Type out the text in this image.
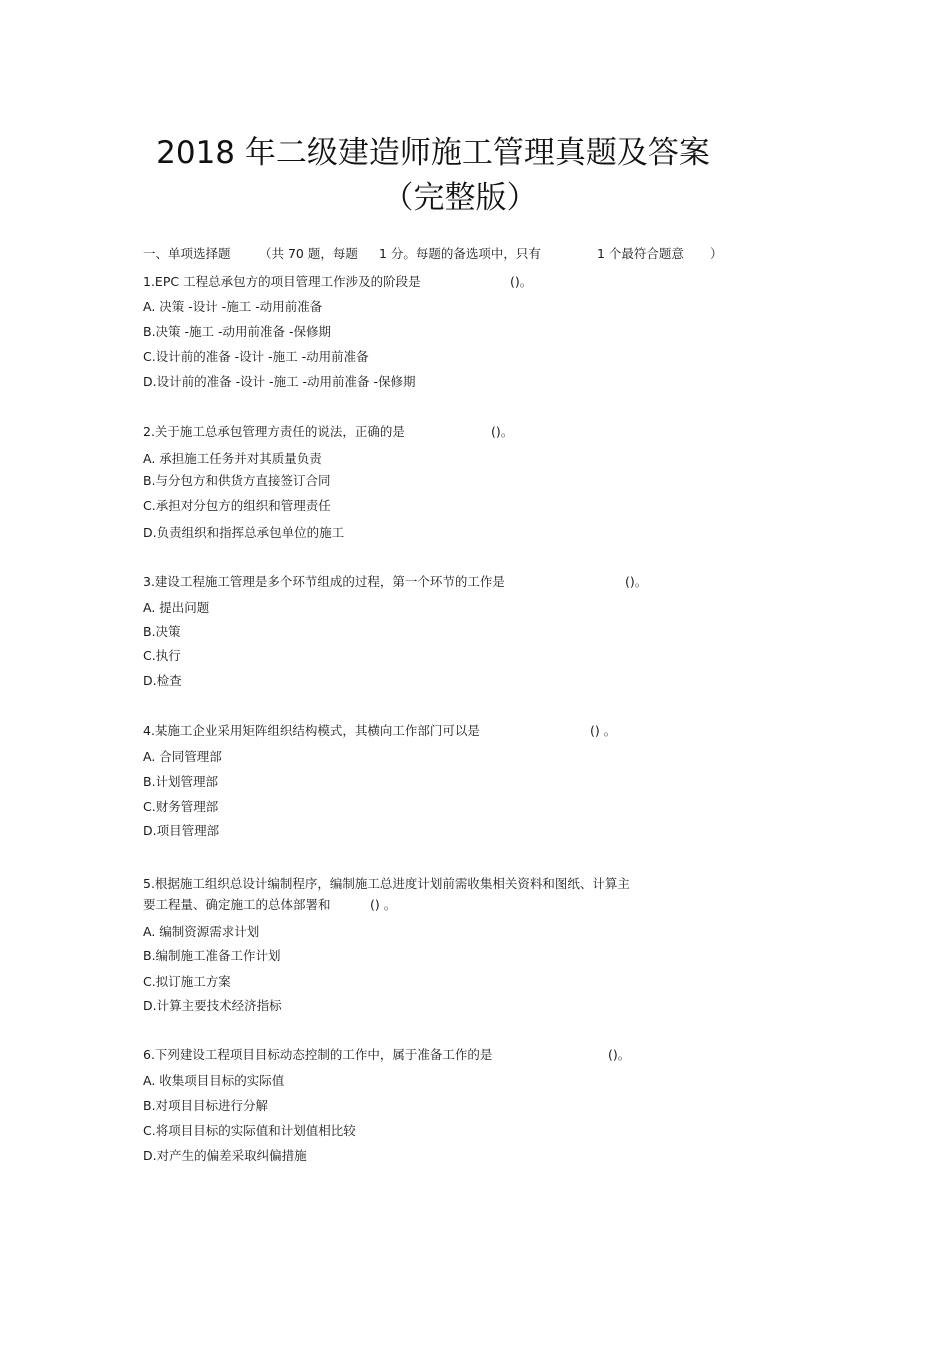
2018 年二级建造师施工管理真题及答案
（完整版）
一、单项选择题 （共 70 题，每题 1 分。每题的备选项中，只有	1 个最符合题意 ）
1.EPC 工程总承包方的项目管理工作涉及的阶段是	()。
A. 决策 -设计 -施工 -动用前准备
B.决策 -施工 -动用前准备 -保修期
C.设计前的准备 -设计 -施工 -动用前准备
D.设计前的准备 -设计 -施工 -动用前准备 -保修期
2.关于施工总承包管理方责任的说法，正确的是	()。
A. 承担施工任务并对其质量负责
B.与分包方和供货方直接签订合同
C.承担对分包方的组织和管理责任
D.负责组织和指挥总承包单位的施工
3.建设工程施工管理是多个环节组成的过程，第一个环节的工作是	()。
A. 提出问题
B.决策
C.执行
D.检查
4.某施工企业采用矩阵组织结构模式，其横向工作部门可以是	() 。
A. 合同管理部
B.计划管理部
C.财务管理部
D.项目管理部
5.根据施工组织总设计编制程序，编制施工总进度计划前需收集相关资料和图纸、计算主
要工程量、确定施工的总体部署和	() 。
A. 编制资源需求计划
B.编制施工准备工作计划
C.拟订施工方案
D.计算主要技术经济指标
6.下列建设工程项目目标动态控制的工作中，属于准备工作的是	()。
A. 收集项目目标的实际值
B.对项目目标进行分解
C.将项目目标的实际值和计划值相比较
D.对产生的偏差采取纠偏措施
